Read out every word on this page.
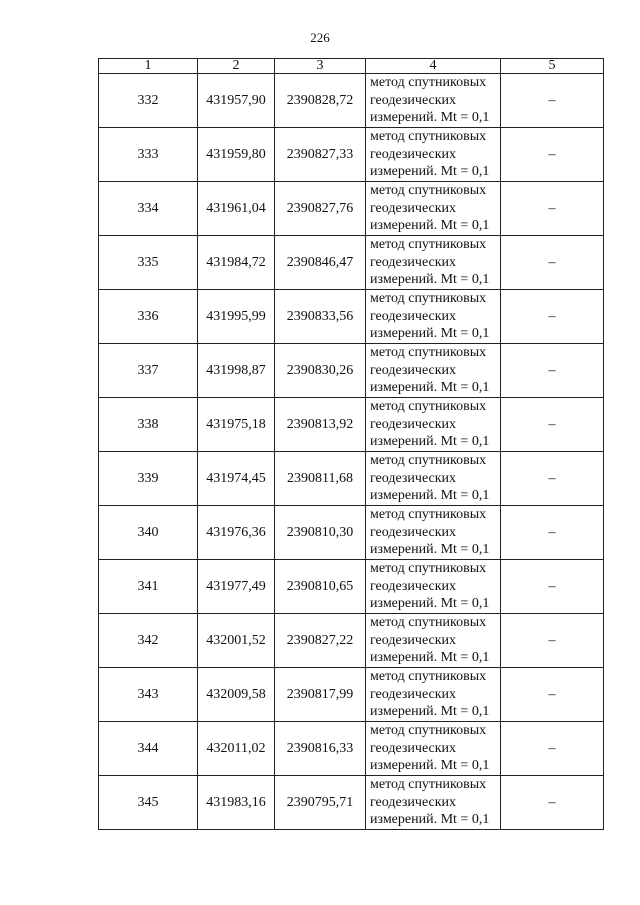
226
1	2	3	4	5
332	431957,90	2390828,72	метод спутниковых
геодезических
измерений. Mt = 0,1	–
333	431959,80	2390827,33	метод спутниковых
геодезических
измерений. Mt = 0,1	–
334	431961,04	2390827,76	метод спутниковых
геодезических
измерений. Mt = 0,1	–
335	431984,72	2390846,47	метод спутниковых
геодезических
измерений. Mt = 0,1	–
336	431995,99	2390833,56	метод спутниковых
геодезических
измерений. Mt = 0,1	–
337	431998,87	2390830,26	метод спутниковых
геодезических
измерений. Mt = 0,1	–
338	431975,18	2390813,92	метод спутниковых
геодезических
измерений. Mt = 0,1	–
339	431974,45	2390811,68	метод спутниковых
геодезических
измерений. Mt = 0,1	–
340	431976,36	2390810,30	метод спутниковых
геодезических
измерений. Mt = 0,1	–
341	431977,49	2390810,65	метод спутниковых
геодезических
измерений. Mt = 0,1	–
342	432001,52	2390827,22	метод спутниковых
геодезических
измерений. Mt = 0,1	–
343	432009,58	2390817,99	метод спутниковых
геодезических
измерений. Mt = 0,1	–
344	432011,02	2390816,33	метод спутниковых
геодезических
измерений. Mt = 0,1	–
345	431983,16	2390795,71	метод спутниковых
геодезических
измерений. Mt = 0,1	–
